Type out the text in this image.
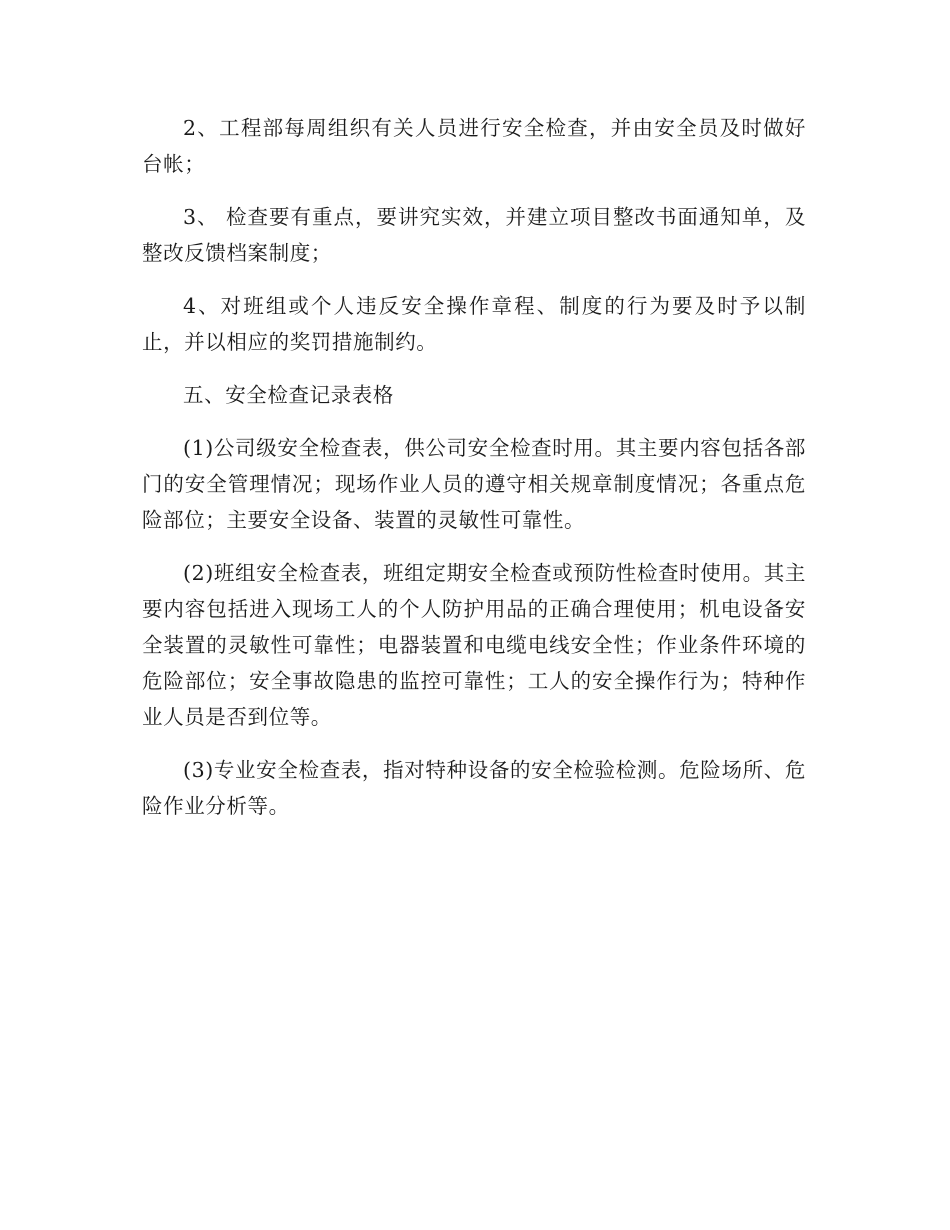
2、工程部每周组织有关人员进行安全检查，并由安全员及时做好台帐；

3、 检查要有重点，要讲究实效，并建立项目整改书面通知单，及整改反馈档案制度；

4、对班组或个人违反安全操作章程、制度的行为要及时予以制止，并以相应的奖罚措施制约。

五、安全检查记录表格

(1)公司级安全检查表，供公司安全检查时用。其主要内容包括各部门的安全管理情况；现场作业人员的遵守相关规章制度情况；各重点危险部位；主要安全设备、装置的灵敏性可靠性。

(2)班组安全检查表，班组定期安全检查或预防性检查时使用。其主要内容包括进入现场工人的个人防护用品的正确合理使用；机电设备安全装置的灵敏性可靠性；电器装置和电缆电线安全性；作业条件环境的危险部位；安全事故隐患的监控可靠性；工人的安全操作行为；特种作业人员是否到位等。

(3)专业安全检查表，指对特种设备的安全检验检测。危险场所、危险作业分析等。
